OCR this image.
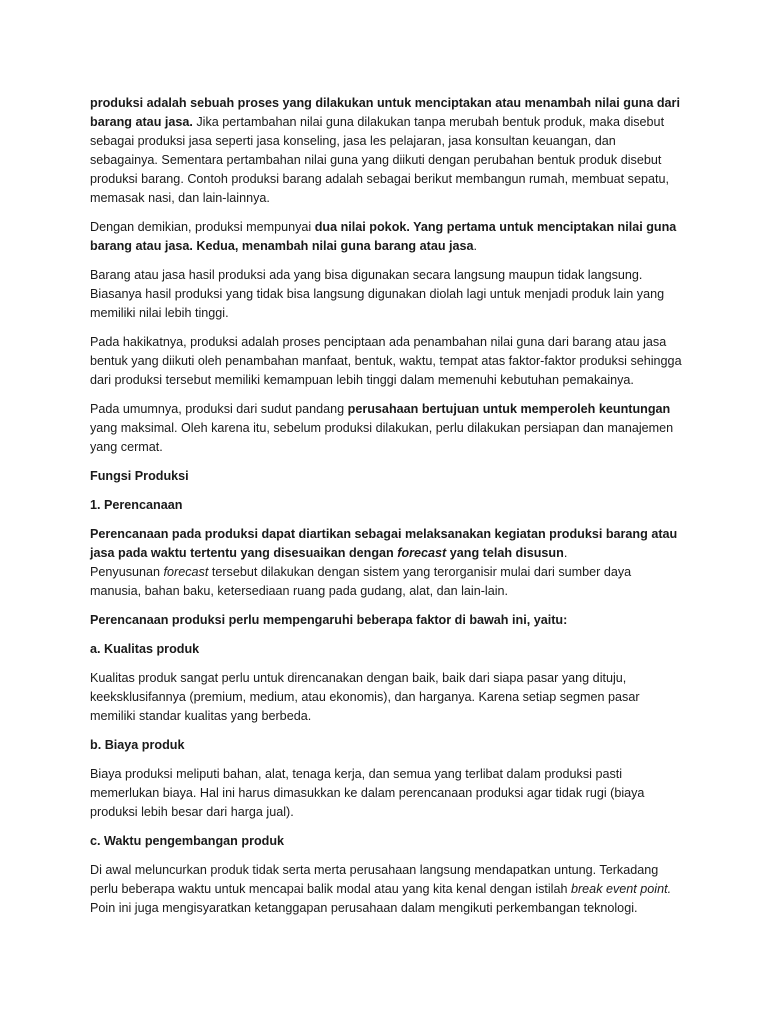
produksi adalah sebuah proses yang dilakukan untuk menciptakan atau menambah nilai guna dari barang atau jasa. Jika pertambahan nilai guna dilakukan tanpa merubah bentuk produk, maka disebut sebagai produksi jasa seperti jasa konseling, jasa les pelajaran, jasa konsultan keuangan, dan sebagainya. Sementara pertambahan nilai guna yang diikuti dengan perubahan bentuk produk disebut produksi barang. Contoh produksi barang adalah sebagai berikut membangun rumah, membuat sepatu, memasak nasi, dan lain-lainnya.

Dengan demikian, produksi mempunyai dua nilai pokok. Yang pertama untuk menciptakan nilai guna barang atau jasa. Kedua, menambah nilai guna barang atau jasa.

Barang atau jasa hasil produksi ada yang bisa digunakan secara langsung maupun tidak langsung. Biasanya hasil produksi yang tidak bisa langsung digunakan diolah lagi untuk menjadi produk lain yang memiliki nilai lebih tinggi.

Pada hakikatnya, produksi adalah proses penciptaan ada penambahan nilai guna dari barang atau jasa bentuk yang diikuti oleh penambahan manfaat, bentuk, waktu, tempat atas faktor-faktor produksi sehingga dari produksi tersebut memiliki kemampuan lebih tinggi dalam memenuhi kebutuhan pemakainya.

Pada umumnya, produksi dari sudut pandang perusahaan bertujuan untuk memperoleh keuntungan yang maksimal. Oleh karena itu, sebelum produksi dilakukan, perlu dilakukan persiapan dan manajemen yang cermat.

Fungsi Produksi

1. Perencanaan

Perencanaan pada produksi dapat diartikan sebagai melaksanakan kegiatan produksi barang atau jasa pada waktu tertentu yang disesuaikan dengan forecast yang telah disusun.
Penyusunan forecast tersebut dilakukan dengan sistem yang terorganisir mulai dari sumber daya manusia, bahan baku, ketersediaan ruang pada gudang, alat, dan lain-lain.

Perencanaan produksi perlu mempengaruhi beberapa faktor di bawah ini, yaitu:

a. Kualitas produk

Kualitas produk sangat perlu untuk direncanakan dengan baik, baik dari siapa pasar yang dituju, keeksklusifannya (premium, medium, atau ekonomis), dan harganya. Karena setiap segmen pasar memiliki standar kualitas yang berbeda.

b. Biaya produk

Biaya produksi meliputi bahan, alat, tenaga kerja, dan semua yang terlibat dalam produksi pasti memerlukan biaya. Hal ini harus dimasukkan ke dalam perencanaan produksi agar tidak rugi (biaya produksi lebih besar dari harga jual).

c. Waktu pengembangan produk

Di awal meluncurkan produk tidak serta merta perusahaan langsung mendapatkan untung. Terkadang perlu beberapa waktu untuk mencapai balik modal atau yang kita kenal dengan istilah break event point. Poin ini juga mengisyaratkan ketanggapan perusahaan dalam mengikuti perkembangan teknologi.
